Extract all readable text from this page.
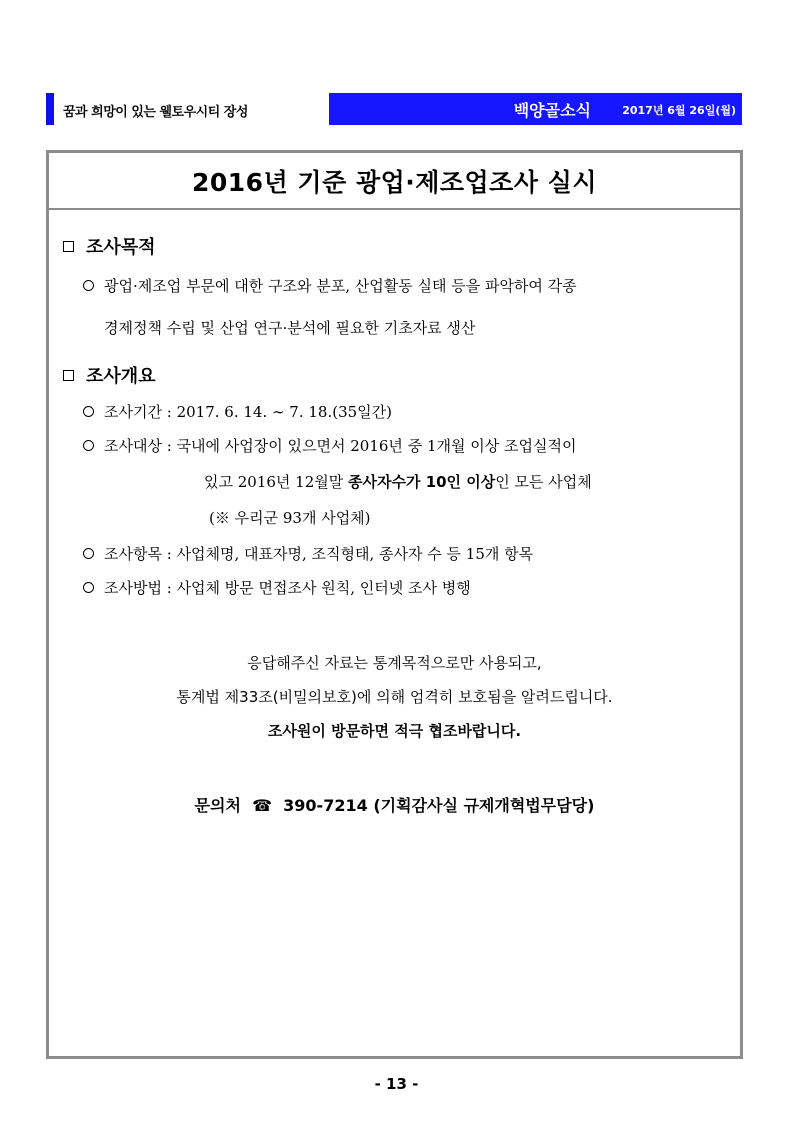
꿈과 희망이 있는 웰토우시티 장성	백양골소식	2017년 6월 26일(월)
2016년 기준 광업·제조업조사 실시
조사목적
광업·제조업 부문에 대한 구조와 분포, 산업활동 실태 등을 파악하여 각종
경제정책 수립 및 산업 연구·분석에 필요한 기초자료 생산
조사개요
조사기간 : 2017. 6. 14. ∼ 7. 18.(35일간)
조사대상 : 국내에 사업장이 있으면서 2016년 중 1개월 이상 조업실적이
있고 2016년 12월말 종사자수가 10인 이상인 모든 사업체
(※ 우리군 93개 사업체)
조사항목 : 사업체명, 대표자명, 조직형태, 종사자 수 등 15개 항목
조사방법 : 사업체 방문 면접조사 원칙, 인터넷 조사 병행
응답해주신 자료는 통계목적으로만 사용되고,
통계법 제33조(비밀의보호)에 의해 엄격히 보호됨을 알려드립니다.
조사원이 방문하면 적극 협조바랍니다.
문의처  ☎  390-7214 (기획감사실 규제개혁법무담당)
- 13 -
